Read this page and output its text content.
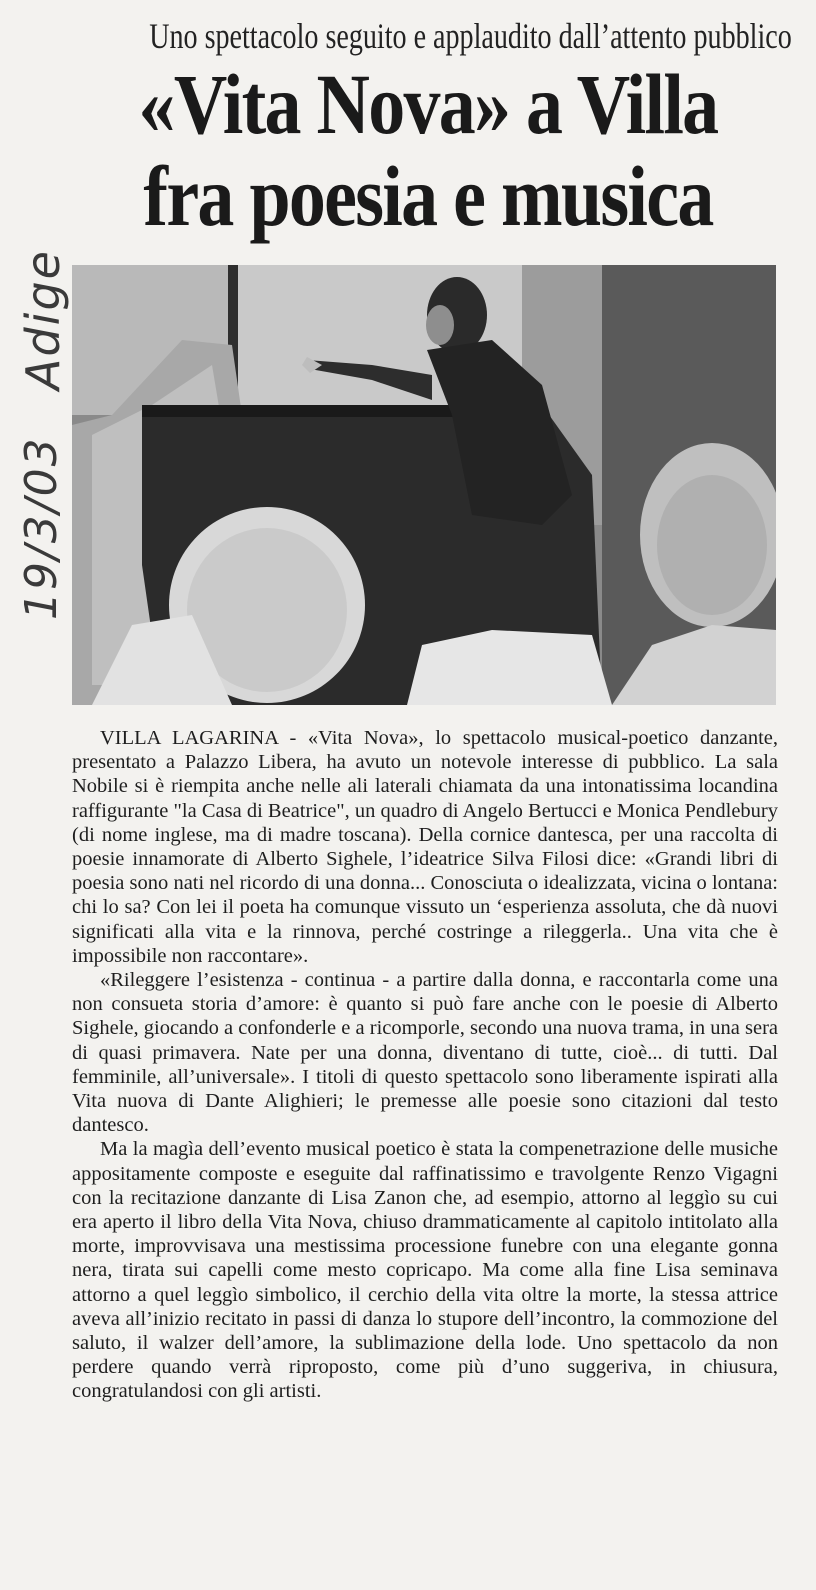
Uno spettacolo seguito e applaudito dall’attento pubblico
«Vita Nova» a Villa
fra poesia e musica
Adige
19/3/03

VILLA LAGARINA - «Vita Nova», lo spettacolo musical-poetico danzante, presentato a Palazzo Libera, ha avuto un notevole interesse di pubblico. La sala Nobile si è riempita anche nelle ali laterali chiamata da una intonatissima locandina raffigurante "la Casa di Beatrice", un quadro di Angelo Bertucci e Monica Pendlebury (di nome inglese, ma di madre toscana). Della cornice dantesca, per una raccolta di poesie innamorate di Alberto Sighele, l’ideatrice Silva Filosi dice: «Grandi libri di poesia sono nati nel ricordo di una donna... Conosciuta o idealizzata, vicina o lontana: chi lo sa? Con lei il poeta ha comunque vissuto un ‘esperienza assoluta, che dà nuovi significati alla vita e la rinnova, perché costringe a rileggerla.. Una vita che è impossibile non raccontare».

«Rileggere l’esistenza - continua - a partire dalla donna, e raccontarla come una non consueta storia d’amore: è quanto si può fare anche con le poesie di Alberto Sighele, giocando a confonderle e a ricomporle, secondo una nuova trama, in una sera di quasi primavera. Nate per una donna, diventano di tutte, cioè... di tutti. Dal femminile, all’universale». I titoli di questo spettacolo sono liberamente ispirati alla Vita nuova di Dante Alighieri; le premesse alle poesie sono citazioni dal testo dantesco.

Ma la magìa dell’evento musical poetico è stata la compenetrazione delle musiche appositamente composte e eseguite dal raffinatissimo e travolgente Renzo Vigagni con la recitazione danzante di Lisa Zanon che, ad esempio, attorno al leggìo su cui era aperto il libro della Vita Nova, chiuso drammaticamente al capitolo intitolato alla morte, improvvisava una mestissima processione funebre con una elegante gonna nera, tirata sui capelli come mesto copricapo. Ma come alla fine Lisa seminava attorno a quel leggìo simbolico, il cerchio della vita oltre la morte, la stessa attrice aveva all’inizio recitato in passi di danza lo stupore dell’incontro, la commozione del saluto, il walzer dell’amore, la sublimazione della lode. Uno spettacolo da non perdere quando verrà riproposto, come più d’uno suggeriva, in chiusura, congratulandosi con gli artisti.
